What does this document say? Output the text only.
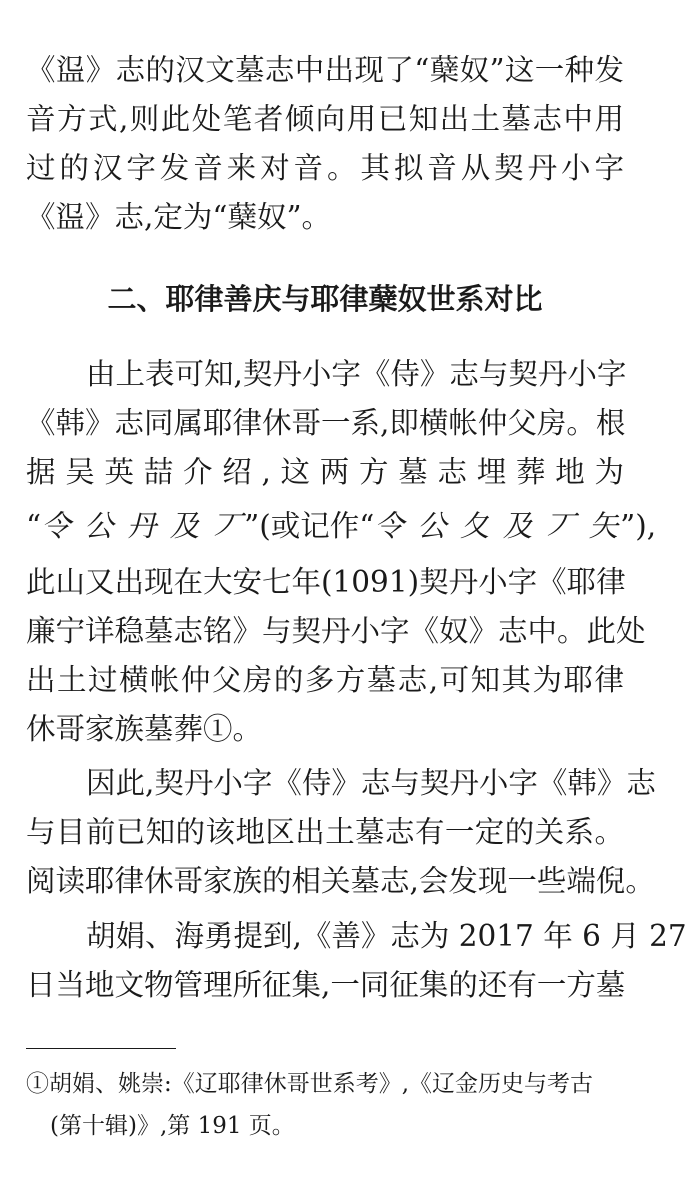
《䀀》志的汉文墓志中出现了“蘖奴”这一种发
音方式,则此处笔者倾向用已知出土墓志中用
过的汉字发音来对音。其拟音从契丹小字
《䀀》志,定为“蘖奴”。
二、耶律善庆与耶律蘖奴世系对比
由上表可知,契丹小字《侍》志与契丹小字
《韩》志同属耶律休哥一系,即横帐仲父房。根
据吴英喆介绍,这两方墓志埋葬地为
“令 公 丹 及 丆”(或记作“令 公 夂 及 丆 矢”),
此山又出现在大安七年(1091)契丹小字《耶律
廉宁详稳墓志铭》与契丹小字《奴》志中。此处
出土过横帐仲父房的多方墓志,可知其为耶律
休哥家族墓葬①。
因此,契丹小字《侍》志与契丹小字《韩》志
与目前已知的该地区出土墓志有一定的关系。
阅读耶律休哥家族的相关墓志,会发现一些端倪。
胡娟、海勇提到,《善》志为 2017 年 6 月 27
日当地文物管理所征集,一同征集的还有一方墓
①胡娟、姚崇:《辽耶律休哥世系考》,《辽金历史与考古
(第十辑)》,第 191 页。
